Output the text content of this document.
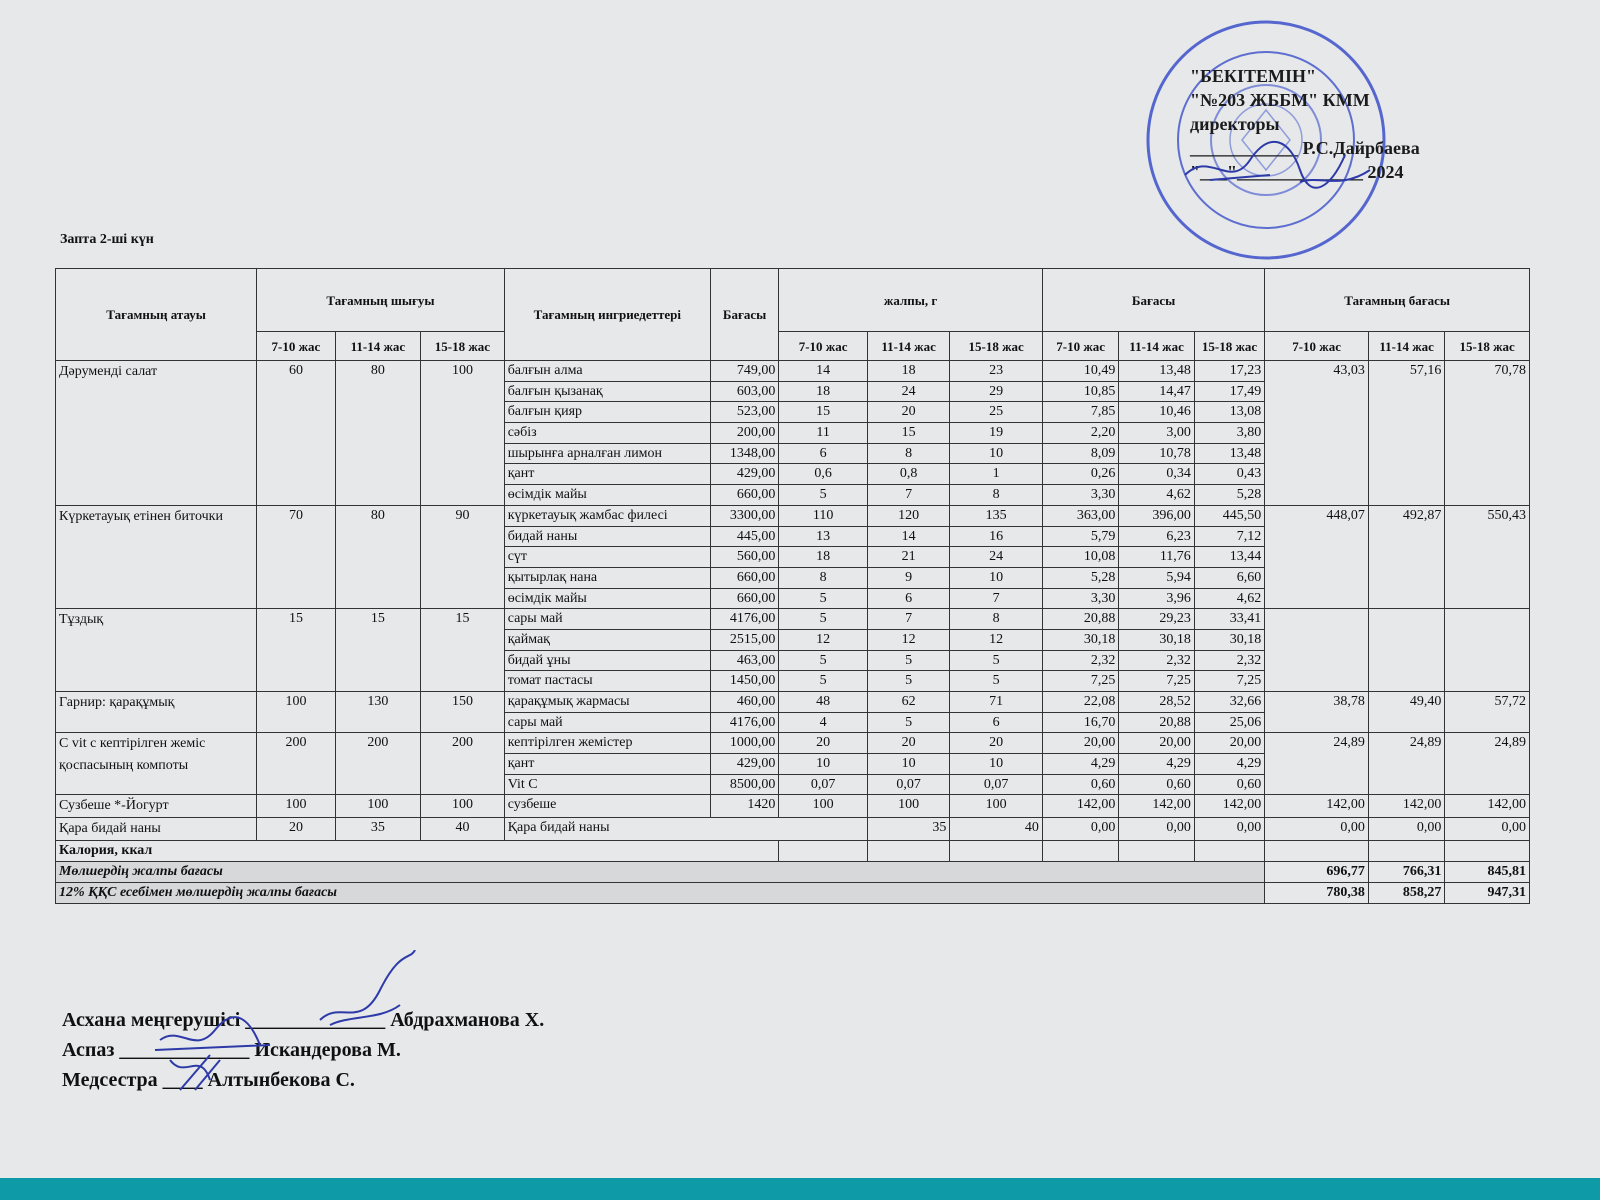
"БЕКІТЕМІН"
"№203 ЖББМ" КММ
директоры
____________ Р.С.Дайрбаева
"___"______________ 2024
Запта 2-ші күн
Тағамның атауы	Тағамның шығуы			Тағамның ингриедеттері	Бағасы	жалпы, г			Бағасы			Тағамның бағасы		
	7-10 жас	11-14 жас	15-18 жас			7-10 жас	11-14 жас	15-18 жас	7-10 жас	11-14 жас	15-18 жас	7-10 жас	11-14 жас	15-18 жас
Дәруменді салат	60	80	100	балғын алма	749,00	14	18	23	10,49	13,48	17,23	43,03	57,16	70,78
				балғын қызанақ	603,00	18	24	29	10,85	14,47	17,49			
				балғын қияр	523,00	15	20	25	7,85	10,46	13,08			
				сәбіз	200,00	11	15	19	2,20	3,00	3,80			
				шырынға арналған лимон	1348,00	6	8	10	8,09	10,78	13,48			
				қант	429,00	0,6	0,8	1	0,26	0,34	0,43			
				өсімдік майы	660,00	5	7	8	3,30	4,62	5,28			
Күркетауық етінен биточки	70	80	90	күркетауық жамбас филесі	3300,00	110	120	135	363,00	396,00	445,50	448,07	492,87	550,43
				бидай наны	445,00	13	14	16	5,79	6,23	7,12			
				сүт	560,00	18	21	24	10,08	11,76	13,44			
				қытырлақ нана	660,00	8	9	10	5,28	5,94	6,60			
				өсімдік майы	660,00	5	6	7	3,30	3,96	4,62			
Тұздық	15	15	15	сары май	4176,00	5	7	8	20,88	29,23	33,41			
				қаймақ	2515,00	12	12	12	30,18	30,18	30,18			
				бидай ұны	463,00	5	5	5	2,32	2,32	2,32			
				томат пастасы	1450,00	5	5	5	7,25	7,25	7,25			
Гарнир: қарақұмық	100	130	150	қарақұмық жармасы	460,00	48	62	71	22,08	28,52	32,66	38,78	49,40	57,72
				сары май	4176,00	4	5	6	16,70	20,88	25,06			
С vit с кептірілген жеміс қоспасының компоты	200	200	200	кептірілген жемістер	1000,00	20	20	20	20,00	20,00	20,00	24,89	24,89	24,89
				қант	429,00	10	10	10	4,29	4,29	4,29			
				Vit C	8500,00	0,07	0,07	0,07	0,60	0,60	0,60			
Сузбеше *-Йогурт	100	100	100	сузбеше	1420	100	100	100	142,00	142,00	142,00	142,00	142,00	142,00
Қара бидай наны	20	35	40	Қара бидай наны			35	40	0,00	0,00	0,00	0,00	0,00	0,00
Калория, ккал														
Мөлшердің жалпы бағасы												696,77	766,31	845,81
12% ҚҚС есебімен мөлшердің жалпы бағасы												780,38	858,27	947,31
Асхана меңгерушісі ______________ Абдрахманова Х.
Аспаз _____________ Искандерова М.
Медсестра ____ Алтынбекова С.
